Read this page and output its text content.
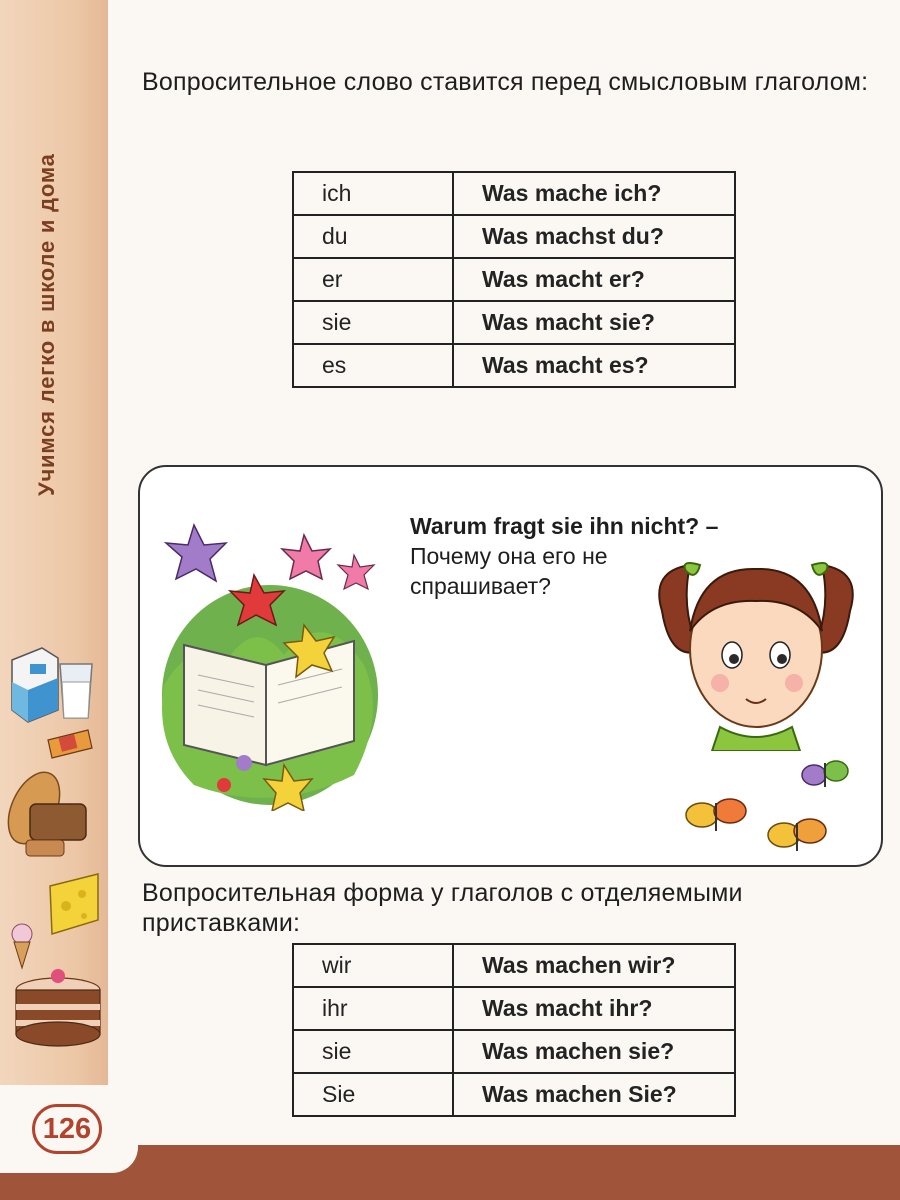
Учимся легко в школе и дома
126
Вопросительное слово ставится перед смысловым глаголом:
ich	Was mache ich?
du	Was machst du?
er	Was macht er?
sie	Was macht sie?
es	Was macht es?
Warum fragt sie ihn nicht? –
Почему она его не
спрашивает?
Вопросительная форма у глаголов с отделяемыми приставками:
wir	Was machen wir?
ihr	Was macht ihr?
sie	Was machen sie?
Sie	Was machen Sie?
